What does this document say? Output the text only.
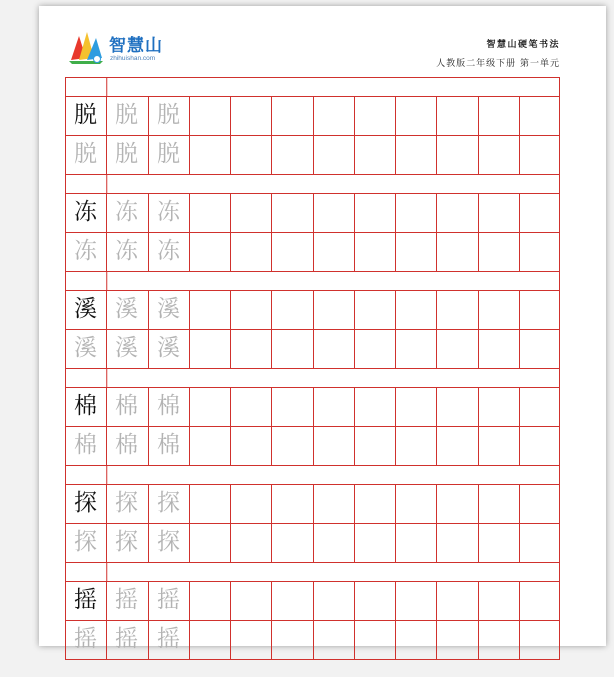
智慧山
zhihuishan.com
智慧山硬笔书法
人教版二年级下册 第一单元
脱 脱 脱
脱 脱 脱
冻 冻 冻
冻 冻 冻
溪 溪 溪
溪 溪 溪
棉 棉 棉
棉 棉 棉
探 探 探
探 探 探
摇 摇 摇
摇 摇 摇
